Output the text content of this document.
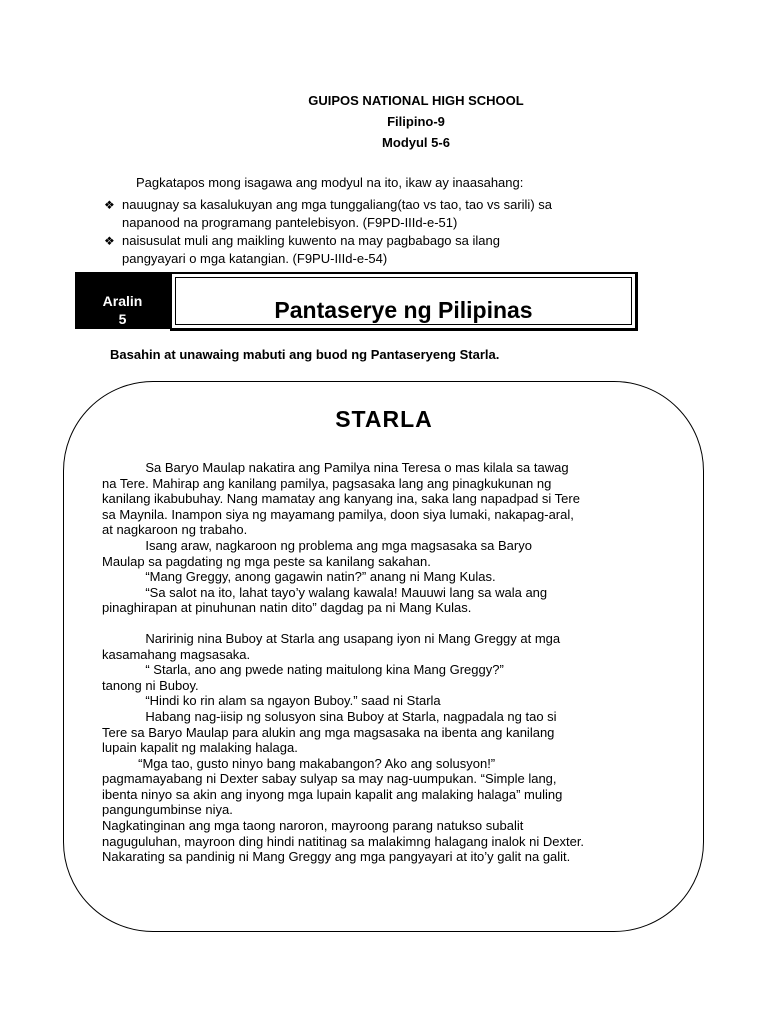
GUIPOS NATIONAL HIGH SCHOOL
Filipino-9
Modyul 5-6
Pagkatapos mong isagawa ang modyul na ito, ikaw ay inaasahang:
❖ nauugnay sa kasalukuyan ang mga tunggaliang(tao vs tao, tao vs sarili) sa
napanood na programang pantelebisyon. (F9PD-IIId-e-51)
❖ naisusulat muli ang maikling kuwento na may pagbabago sa ilang
pangyayari o mga katangian. (F9PU-IIId-e-54)
Aralin
5	Pantaserye ng Pilipinas
Basahin at unawaing mabuti ang buod ng Pantaseryeng Starla.
STARLA

Sa Baryo Maulap nakatira ang Pamilya nina Teresa o mas kilala sa tawag

na Tere. Mahirap ang kanilang pamilya, pagsasaka lang ang pinagkukunan ng

kanilang ikabubuhay. Nang mamatay ang kanyang ina, saka lang napadpad si Tere

sa Maynila. Inampon siya ng mayamang pamilya, doon siya lumaki, nakapag-aral,

at nagkaroon ng trabaho.

Isang araw, nagkaroon ng problema ang mga magsasaka sa Baryo

Maulap sa pagdating ng mga peste sa kanilang sakahan.

“Mang Greggy, anong gagawin natin?” anang ni Mang Kulas.

“Sa salot na ito, lahat tayo’y walang kawala! Mauuwi lang sa wala ang

pinaghirapan at pinuhunan natin dito” dagdag pa ni Mang Kulas.

Naririnig nina Buboy at Starla ang usapang iyon ni Mang Greggy at mga

kasamahang magsasaka.

“ Starla, ano ang pwede nating maitulong kina Mang Greggy?”

tanong ni Buboy.

“Hindi ko rin alam sa ngayon Buboy.” saad ni Starla

Habang nag-iisip ng solusyon sina Buboy at Starla, nagpadala ng tao si

Tere sa Baryo Maulap para alukin ang mga magsasaka na ibenta ang kanilang

lupain kapalit ng malaking halaga.

“Mga tao, gusto ninyo bang makabangon? Ako ang solusyon!”

pagmamayabang ni Dexter sabay sulyap sa may nag-uumpukan. “Simple lang,

ibenta ninyo sa akin ang inyong mga lupain kapalit ang malaking halaga” muling

pangungumbinse niya.

Nagkatinginan ang mga taong naroron, mayroong parang natukso subalit

naguguluhan, mayroon ding hindi natitinag sa malakimng halagang inalok ni Dexter.

Nakarating sa pandinig ni Mang Greggy ang mga pangyayari at ito’y galit na galit.
